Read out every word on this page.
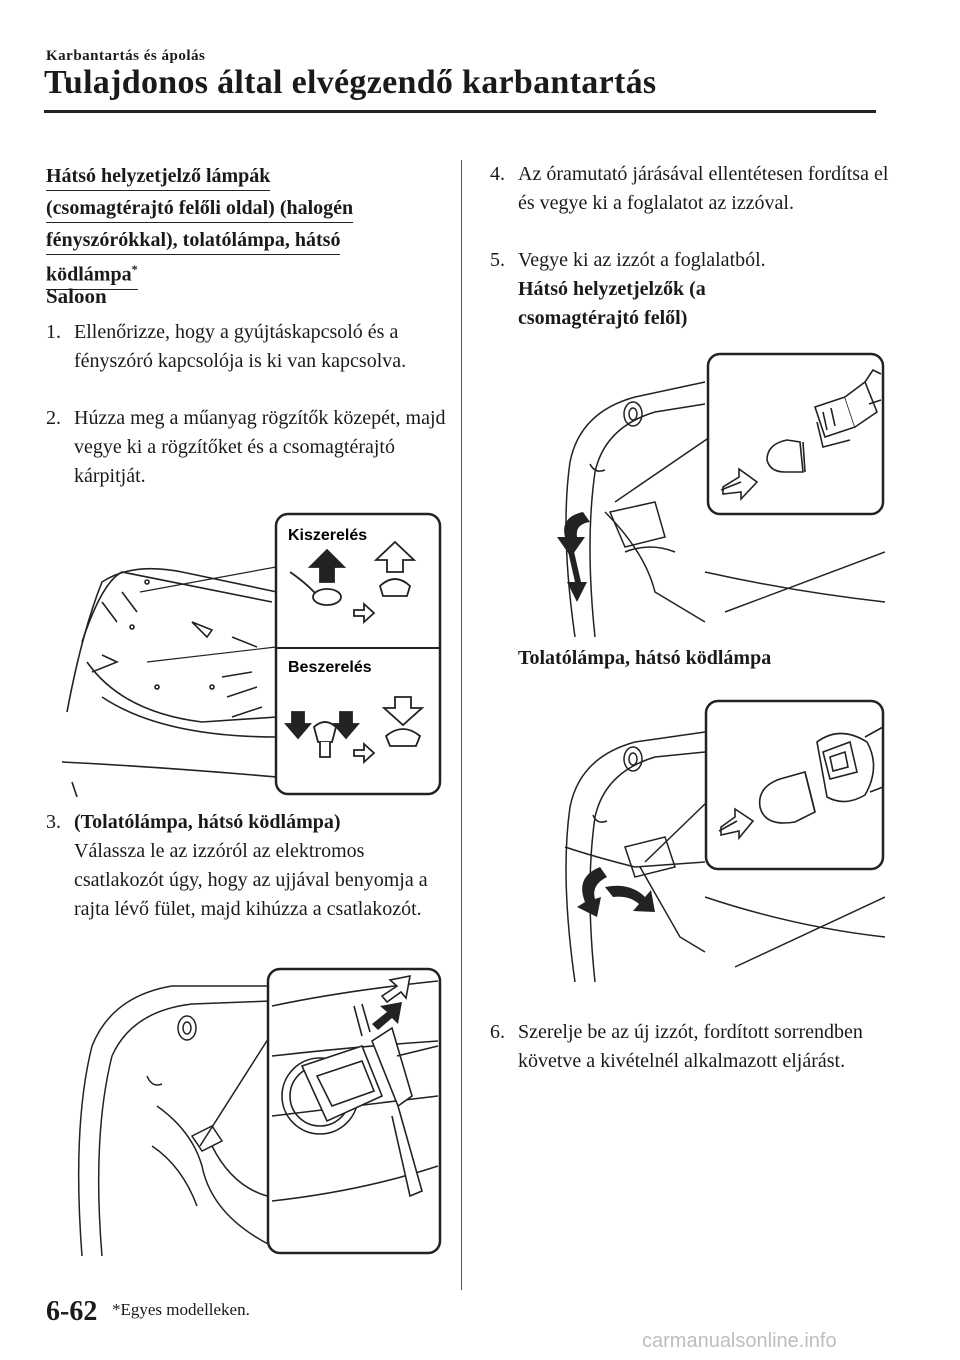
Karbantartás és ápolás
Tulajdonos által elvégzendő karbantartás
Hátsó helyzetjelző lámpák
(csomagtérajtó felőli oldal) (halogén
fényszórókkal), tolatólámpa, hátsó
ködlámpa*
Saloon
1. Ellenőrizze, hogy a gyújtáskapcsoló és a fényszóró kapcsolója is ki van kapcsolva.
2. Húzza meg a műanyag rögzítők közepét, majd vegye ki a rögzítőket és a csomagtérajtó kárpitját.
Kiszerelés
Beszerelés
3. (Tolatólámpa, hátsó ködlámpa)
Válassza le az izzóról az elektromos csatlakozót úgy, hogy az ujjával benyomja a rajta lévő fület, majd kihúzza a csatlakozót.
4. Az óramutató járásával ellentétesen fordítsa el és vegye ki a foglalatot az izzóval.
5. Vegye ki az izzót a foglalatból.
Hátsó helyzetjelzők (a
csomagtérajtó felől)
Tolatólámpa, hátsó ködlámpa
6. Szerelje be az új izzót, fordított sorrendben követve a kivételnél alkalmazott eljárást.
6-62 *Egyes modelleken.
carmanualsonline.info
